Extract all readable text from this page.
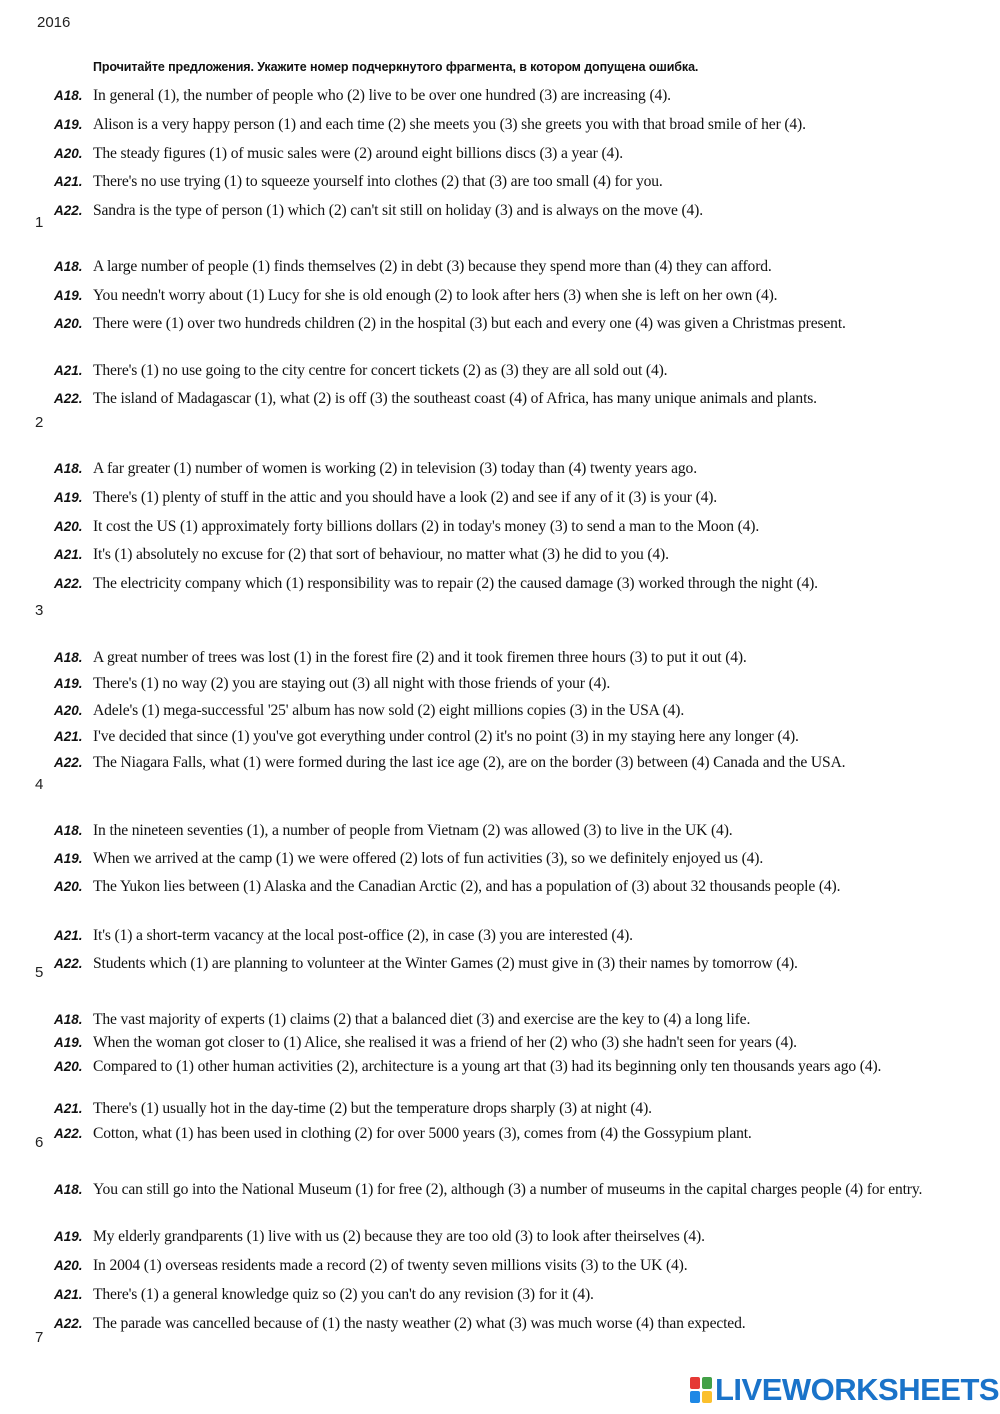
2016
Прочитайте предложения. Укажите номер подчеркнутого фрагмента, в котором допущена ошибка.
A18. In general (1), the number of people who (2) live to be over one hundred (3) are increasing (4).
A19. Alison is a very happy person (1) and each time (2) she meets you (3) she greets you with that broad smile of her (4).
A20. The steady figures (1) of music sales were (2) around eight billions discs (3) a year (4).
A21. There's no use trying (1) to squeeze yourself into clothes (2) that (3) are too small (4) for you.
A22. Sandra is the type of person (1) which (2) can't sit still on holiday (3) and is always on the move (4).
1
A18. A large number of people (1) finds themselves (2) in debt (3) because they spend more than (4) they can afford.
A19. You needn't worry about (1) Lucy for she is old enough (2) to look after hers (3) when she is left on her own (4).
A20. There were (1) over two hundreds children (2) in the hospital (3) but each and every one (4) was given a Christmas present.
A21. There's (1) no use going to the city centre for concert tickets (2) as (3) they are all sold out (4).
A22. The island of Madagascar (1), what (2) is off (3) the southeast coast (4) of Africa, has many unique animals and plants.
2
A18. A far greater (1) number of women is working (2) in television (3) today than (4) twenty years ago.
A19. There's (1) plenty of stuff in the attic and you should have a look (2) and see if any of it (3) is your (4).
A20. It cost the US (1) approximately forty billions dollars (2) in today's money (3) to send a man to the Moon (4).
A21. It's (1) absolutely no excuse for (2) that sort of behaviour, no matter what (3) he did to you (4).
A22. The electricity company which (1) responsibility was to repair (2) the caused damage (3) worked through the night (4).
3
A18. A great number of trees was lost (1) in the forest fire (2) and it took firemen three hours (3) to put it out (4).
A19. There's (1) no way (2) you are staying out (3) all night with those friends of your (4).
A20. Adele's (1) mega-successful '25' album has now sold (2) eight millions copies (3) in the USA (4).
A21. I've decided that since (1) you've got everything under control (2) it's no point (3) in my staying here any longer (4).
A22. The Niagara Falls, what (1) were formed during the last ice age (2), are on the border (3) between (4) Canada and the USA.
4
A18. In the nineteen seventies (1), a number of people from Vietnam (2) was allowed (3) to live in the UK (4).
A19. When we arrived at the camp (1) we were offered (2) lots of fun activities (3), so we definitely enjoyed us (4).
A20. The Yukon lies between (1) Alaska and the Canadian Arctic (2), and has a population of (3) about 32 thousands people (4).
A21. It's (1) a short-term vacancy at the local post-office (2), in case (3) you are interested (4).
A22. Students which (1) are planning to volunteer at the Winter Games (2) must give in (3) their names by tomorrow (4).
5
A18. The vast majority of experts (1) claims (2) that a balanced diet (3) and exercise are the key to (4) a long life.
A19. When the woman got closer to (1) Alice, she realised it was a friend of her (2) who (3) she hadn't seen for years (4).
A20. Compared to (1) other human activities (2), architecture is a young art that (3) had its beginning only ten thousands years ago (4).
A21. There's (1) usually hot in the day-time (2) but the temperature drops sharply (3) at night (4).
A22. Cotton, what (1) has been used in clothing (2) for over 5000 years (3), comes from (4) the Gossypium plant.
6
A18. You can still go into the National Museum (1) for free (2), although (3) a number of museums in the capital charges people (4) for entry.
A19. My elderly grandparents (1) live with us (2) because they are too old (3) to look after theirselves (4).
A20. In 2004 (1) overseas residents made a record (2) of twenty seven millions visits (3) to the UK (4).
A21. There's (1) a general knowledge quiz so (2) you can't do any revision (3) for it (4).
A22. The parade was cancelled because of (1) the nasty weather (2) what (3) was much worse (4) than expected.
7
LIVEWORKSHEETS
